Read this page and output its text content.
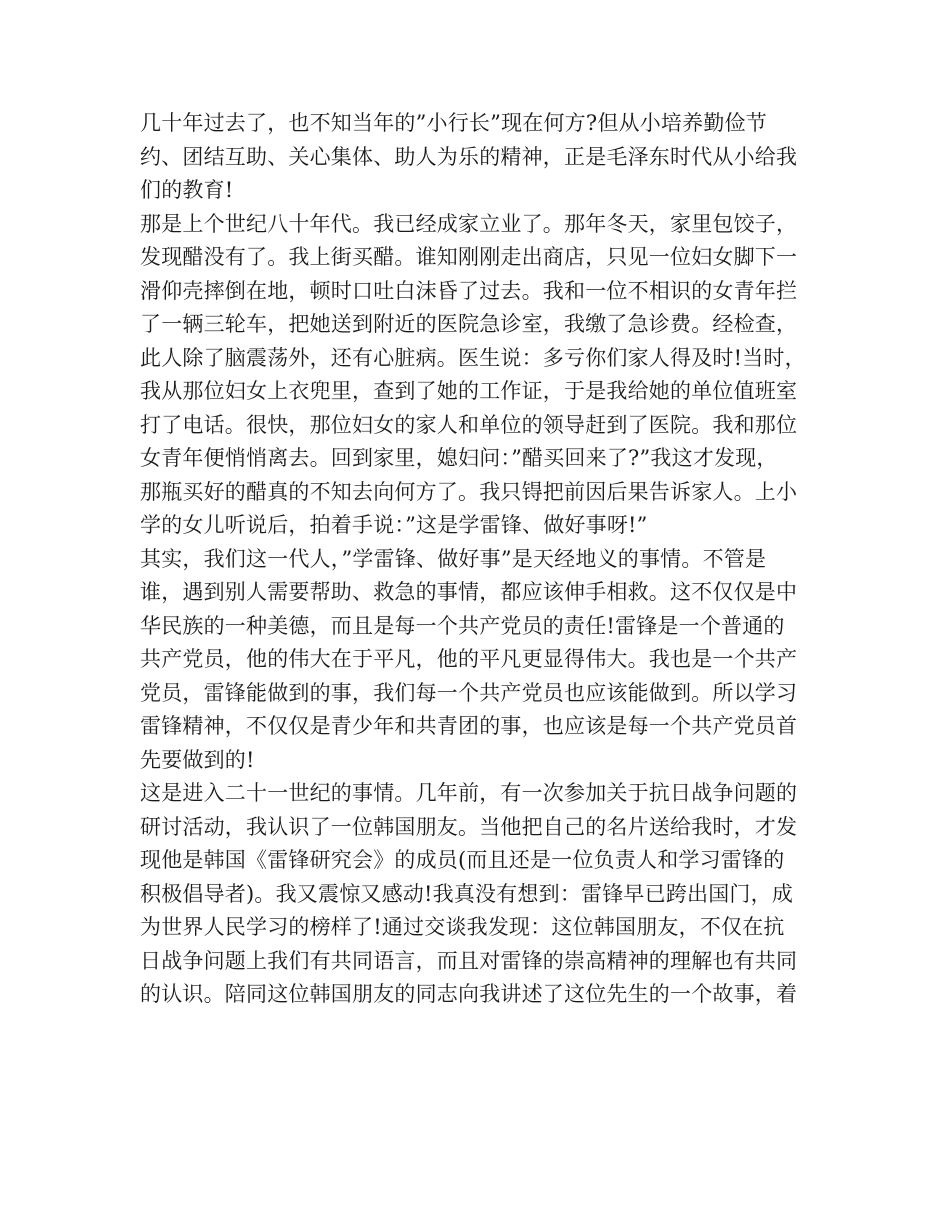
几十年过去了，也不知当年的”小行长”现在何方?但从小培养勤俭节
约、团结互助、关心集体、助人为乐的精神，正是毛泽东时代从小给我
们的教育!
那是上个世纪八十年代。我已经成家立业了。那年冬天，家里包饺子，
发现醋没有了。我上街买醋。谁知刚刚走出商店，只见一位妇女脚下一
滑仰壳摔倒在地，顿时口吐白沫昏了过去。我和一位不相识的女青年拦
了一辆三轮车，把她送到附近的医院急诊室，我缴了急诊费。经检查，
此人除了脑震荡外，还有心脏病。医生说：多亏你们家人得及时!当时，
我从那位妇女上衣兜里，查到了她的工作证，于是我给她的单位值班室
打了电话。很快，那位妇女的家人和单位的领导赶到了医院。我和那位
女青年便悄悄离去。回到家里，媳妇问：”醋买回来了?”我这才发现，
那瓶买好的醋真的不知去向何方了。我只锝把前因后果告诉家人。上小
学的女儿听说后，拍着手说：”这是学雷锋、做好事呀!”
其实，我们这一代人，”学雷锋、做好事”是天经地义的事情。不管是
谁，遇到别人需要帮助、救急的事情，都应该伸手相救。这不仅仅是中
华民族的一种美德，而且是每一个共产党员的责任!雷锋是一个普通的
共产党员，他的伟大在于平凡，他的平凡更显得伟大。我也是一个共产
党员，雷锋能做到的事，我们每一个共产党员也应该能做到。所以学习
雷锋精神，不仅仅是青少年和共青团的事，也应该是每一个共产党员首
先要做到的!
这是进入二十一世纪的事情。几年前，有一次参加关于抗日战争问题的
研讨活动，我认识了一位韩国朋友。当他把自己的名片送给我时，才发
现他是韩国《雷锋研究会》的成员(而且还是一位负责人和学习雷锋的
积极倡导者)。我又震惊又感动!我真没有想到：雷锋早已跨出国门，成
为世界人民学习的榜样了!通过交谈我发现：这位韩国朋友，不仅在抗
日战争问题上我们有共同语言，而且对雷锋的崇高精神的理解也有共同
的认识。陪同这位韩国朋友的同志向我讲述了这位先生的一个故事，着
